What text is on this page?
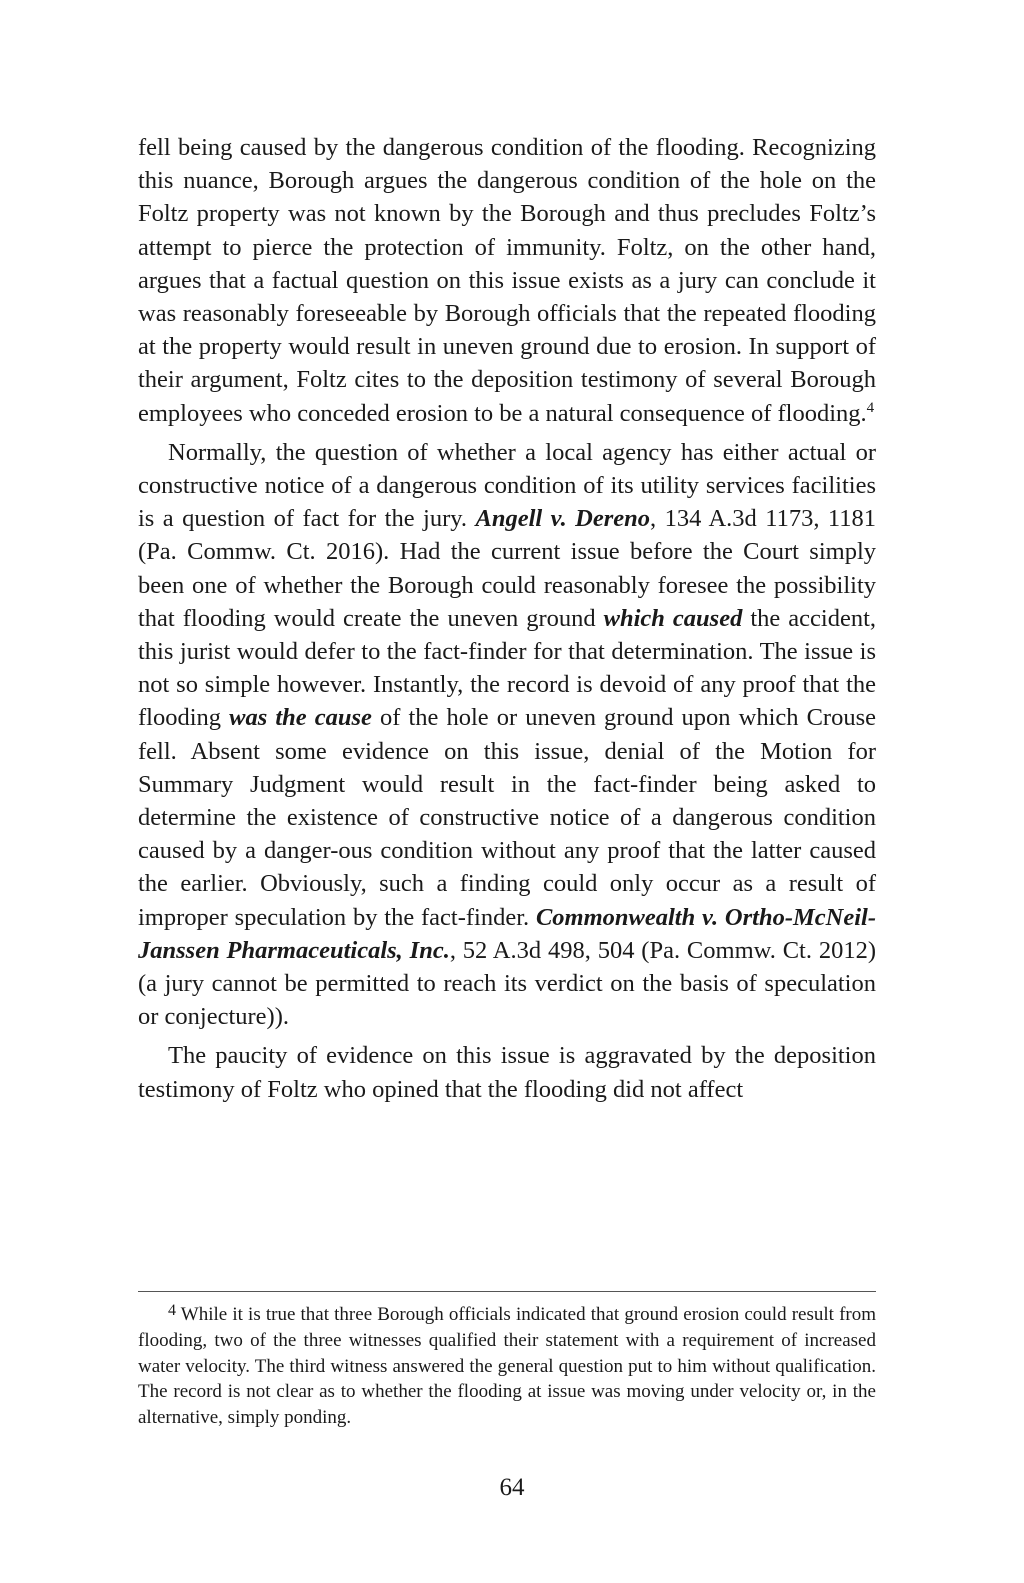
fell being caused by the dangerous condition of the flooding. Recognizing this nuance, Borough argues the dangerous condition of the hole on the Foltz property was not known by the Borough and thus precludes Foltz’s attempt to pierce the protection of immunity. Foltz, on the other hand, argues that a factual question on this issue exists as a jury can conclude it was reasonably foreseeable by Borough officials that the repeated flooding at the property would result in uneven ground due to erosion. In support of their argument, Foltz cites to the deposition testimony of several Borough employees who conceded erosion to be a natural consequence of flooding.$^4$

Normally, the question of whether a local agency has either actual or constructive notice of a dangerous condition of its utility services facilities is a question of fact for the jury. Angell v. Dereno, 134 A.3d 1173, 1181 (Pa. Commw. Ct. 2016). Had the current issue before the Court simply been one of whether the Borough could reasonably foresee the possibility that flooding would create the uneven ground which caused the accident, this jurist would defer to the fact-finder for that determination. The issue is not so simple however. Instantly, the record is devoid of any proof that the flooding was the cause of the hole or uneven ground upon which Crouse fell. Absent some evidence on this issue, denial of the Motion for Summary Judgment would result in the fact-finder being asked to determine the existence of constructive notice of a dangerous condition caused by a danger-ous condition without any proof that the latter caused the earlier. Obviously, such a finding could only occur as a result of improper speculation by the fact-finder. Commonwealth v. Ortho-McNeil-Janssen Pharmaceuticals, Inc., 52 A.3d 498, 504 (Pa. Commw. Ct. 2012) (a jury cannot be permitted to reach its verdict on the basis of speculation or conjecture)).

The paucity of evidence on this issue is aggravated by the deposition testimony of Foltz who opined that the flooding did not affect

$^4$ While it is true that three Borough officials indicated that ground erosion could result from flooding, two of the three witnesses qualified their statement with a requirement of increased water velocity. The third witness answered the general question put to him without qualification. The record is not clear as to whether the flooding at issue was moving under velocity or, in the alternative, simply ponding.

64
